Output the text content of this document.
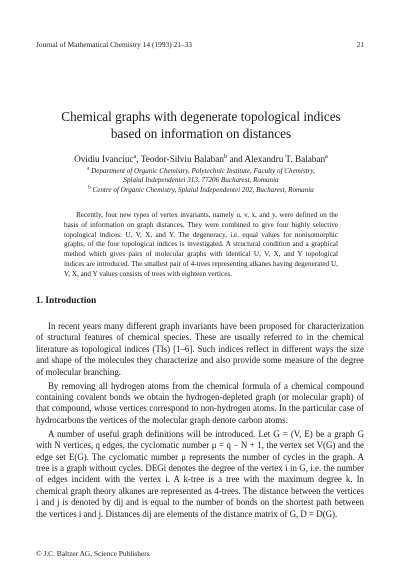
Journal of Mathematical Chemistry 14 (1993) 21–33	21
Chemical graphs with degenerate topological indices
based on information on distances
Ovidiu Ivanciuc$^a$, Teodor-Silviu Balaban$^b$ and Alexandru T. Balaban$^a$
$^a$ Department of Organic Chemistry, Polytechnic Institute, Faculty of Chemistry,
Splaiul Independentei 313, 77206 Bucharest, Romania
$^b$ Centre of Organic Chemistry, Splaiul Independentei 202, Bucharest, Romania
Recently, four new types of vertex invariants, namely u, v, x, and y, were defined on the basis of information on graph distances. They were combined to give four highly selective topological indices: U, V, X, and Y. The degeneracy, i.e. equal values for nonisomorphic graphs, of the four topological indices is investigated. A structural condition and a graphical method which gives pairs of molecular graphs with identical U, V, X, and Y topological indices are introduced. The smallest pair of 4-trees representing alkanes having degenerated U, V, X, and Y values consists of trees with eighteen vertices.
1. Introduction

In recent years many different graph invariants have been proposed for characterization of structural features of chemical species. These are usually referred to in the chemical literature as topological indices (TIs) [1–6]. Such indices reflect in different ways the size and shape of the molecules they characterize and also provide some measure of the degree of molecular branching.

By removing all hydrogen atoms from the chemical formula of a chemical compound containing covalent bonds we obtain the hydrogen-depleted graph (or molecular graph) of that compound, whose vertices correspond to non-hydrogen atoms. In the particular case of hydrocarbons the vertices of the molecular graph denote carbon atoms.

A number of useful graph definitions will be introduced. Let G = (V, E) be a graph G with N vertices, q edges, the cyclomatic number μ = q − N + 1, the vertex set V(G) and the edge set E(G). The cyclomatic number μ represents the number of cycles in the graph. A tree is a graph without cycles. DEGi denotes the degree of the vertex i in G, i.e. the number of edges incident with the vertex i. A k-tree is a tree with the maximum degree k. In chemical graph theory alkanes are represented as 4-trees. The distance between the vertices i and j is denoted by dij and is equal to the number of bonds on the shortest path between the vertices i and j. Distances dij are elements of the distance matrix of G, D = D(G).

© J.C. Baltzer AG, Science Publishers
